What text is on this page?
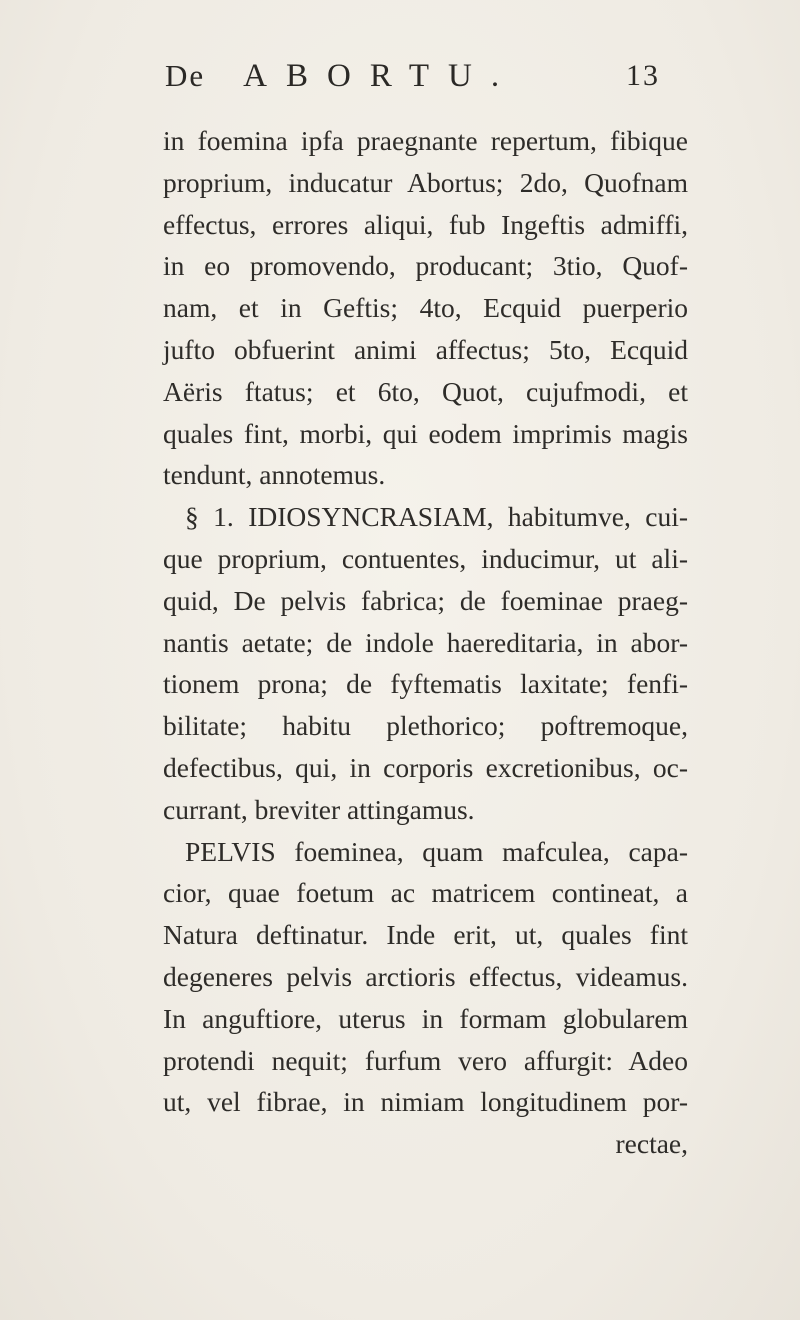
De ABORTU.	13
in foemina ipfa praegnante repertum, fibique
proprium, inducatur Abortus; 2do, Quofnam
effectus, errores aliqui, fub Ingeftis admiffi,
in eo promovendo, producant; 3tio, Quof-
nam, et in Geftis; 4to, Ecquid puerperio
jufto obfuerint animi affectus; 5to, Ecquid
Aëris ftatus; et 6to, Quot, cujufmodi, et
quales fint, morbi, qui eodem imprimis magis
tendunt, annotemus.
§ 1. IDIOSYNCRASIAM, habitumve, cui-
que proprium, contuentes, inducimur, ut ali-
quid, De pelvis fabrica; de foeminae praeg-
nantis aetate; de indole haereditaria, in abor-
tionem prona; de fyftematis laxitate; fenfi-
bilitate; habitu plethorico; poftremoque,
defectibus, qui, in corporis excretionibus, oc-
currant, breviter attingamus.
PELVIS foeminea, quam mafculea, capa-
cior, quae foetum ac matricem contineat, a
Natura deftinatur. Inde erit, ut, quales fint
degeneres pelvis arctioris effectus, videamus.
In anguftiore, uterus in formam globularem
protendi nequit; furfum vero affurgit: Adeo
ut, vel fibrae, in nimiam longitudinem por-
rectae,
